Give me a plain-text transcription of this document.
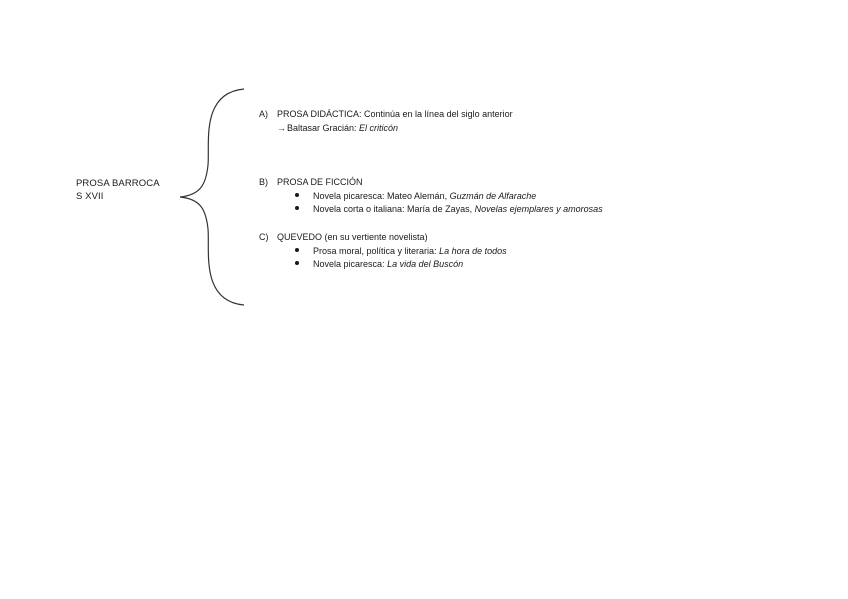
PROSA BARROCA
S XVII
A)	PROSA DIDÁCTICA: Continúa en la línea del siglo anterior
→Baltasar Gracián: El criticón
B)	PROSA DE FICCIÓN
Novela picaresca: Mateo Alemán,
Guzmán de Alfarache
Novela corta o italiana: María de Zayas,
Novelas ejemplares y amorosas
C) QUEVEDO (en su vertiente novelista)
Prosa moral, política y literaria:
La hora de todos
Novela picaresca:
La vida del Buscón
